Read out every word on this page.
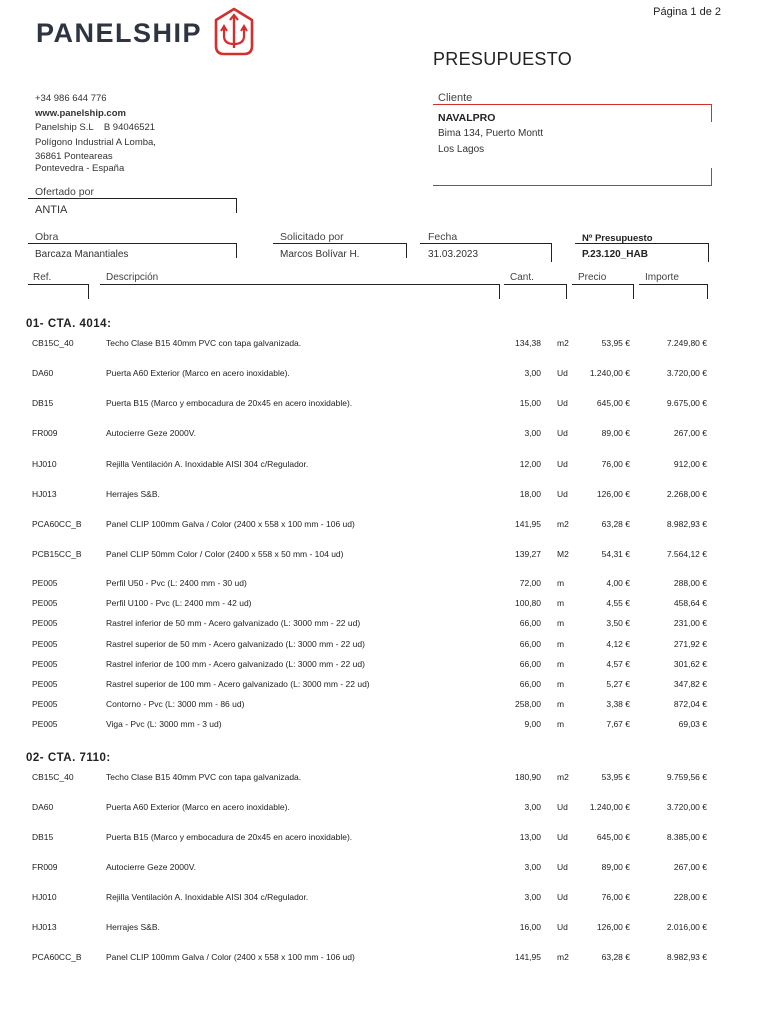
PANELSHIP
Página 1 de 2
PRESUPUESTO
+34 986 644 776
www.panelship.com
Panelship S.L    B 94046521
Polígono Industrial A Lomba,
36861 Ponteareas
Pontevedra - España
Cliente
NAVALPRO
Bima 134, Puerto Montt
Los Lagos
Ofertado por
ANTIA
Obra
Barcaza Manantiales
Solicitado por
Marcos Bolívar H.
Fecha
31.03.2023
Nº Presupuesto
P.23.120_HAB
Ref.	Descripción	Cant.	Precio	Importe
01- CTA. 4014:
CB15C_40	Techo Clase B15 40mm PVC con tapa galvanizada.	134,38 m2	53,95 €	7.249,80 €
DA60	Puerta A60 Exterior (Marco en acero inoxidable).	3,00 Ud	1.240,00 €	3.720,00 €
DB15	Puerta B15 (Marco y embocadura de 20x45 en acero inoxidable).	15,00 Ud	645,00 €	9.675,00 €
FR009	Autocierre Geze 2000V.	3,00 Ud	89,00 €	267,00 €
HJ010	Rejilla Ventilación A. Inoxidable AISI 304 c/Regulador.	12,00 Ud	76,00 €	912,00 €
HJ013	Herrajes S&B.	18,00 Ud	126,00 €	2.268,00 €
PCA60CC_B	Panel CLIP 100mm Galva / Color (2400 x 558 x 100 mm - 106 ud)	141,95 m2	63,28 €	8.982,93 €
PCB15CC_B	Panel CLIP 50mm Color / Color (2400 x 558 x 50 mm - 104 ud)	139,27 M2	54,31 €	7.564,12 €
PE005	Perfil U50 - Pvc (L: 2400 mm - 30 ud)	72,00 m	4,00 €	288,00 €
PE005	Perfil U100 - Pvc (L: 2400 mm - 42 ud)	100,80 m	4,55 €	458,64 €
PE005	Rastrel inferior de 50 mm - Acero galvanizado (L: 3000 mm - 22 ud)	66,00 m	3,50 €	231,00 €
PE005	Rastrel superior de 50 mm - Acero galvanizado (L: 3000 mm - 22 ud)	66,00 m	4,12 €	271,92 €
PE005	Rastrel inferior de 100 mm - Acero galvanizado (L: 3000 mm - 22 ud)	66,00 m	4,57 €	301,62 €
PE005	Rastrel superior de 100 mm - Acero galvanizado (L: 3000 mm - 22 ud)	66,00 m	5,27 €	347,82 €
PE005	Contorno - Pvc (L: 3000 mm - 86 ud)	258,00 m	3,38 €	872,04 €
PE005	Viga - Pvc (L: 3000 mm - 3 ud)	9,00 m	7,67 €	69,03 €
02- CTA. 7110:
CB15C_40	Techo Clase B15 40mm PVC con tapa galvanizada.	180,90 m2	53,95 €	9.759,56 €
DA60	Puerta A60 Exterior (Marco en acero inoxidable).	3,00 Ud	1.240,00 €	3.720,00 €
DB15	Puerta B15 (Marco y embocadura de 20x45 en acero inoxidable).	13,00 Ud	645,00 €	8.385,00 €
FR009	Autocierre Geze 2000V.	3,00 Ud	89,00 €	267,00 €
HJ010	Rejilla Ventilación A. Inoxidable AISI 304 c/Regulador.	3,00 Ud	76,00 €	228,00 €
HJ013	Herrajes S&B.	16,00 Ud	126,00 €	2.016,00 €
PCA60CC_B	Panel CLIP 100mm Galva / Color (2400 x 558 x 100 mm - 106 ud)	141,95 m2	63,28 €	8.982,93 €
